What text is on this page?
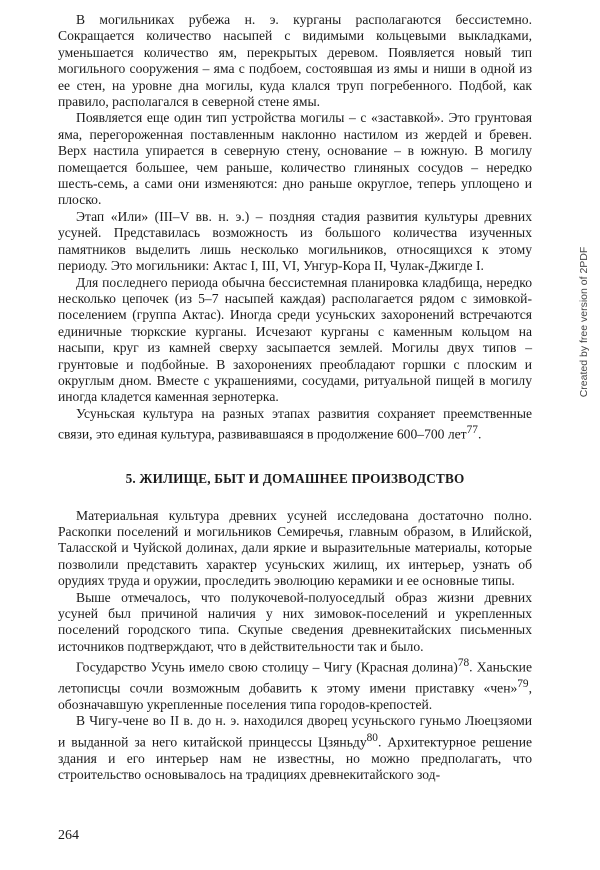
В могильниках рубежа н. э. курганы располагаются бессистемно. Сокращается количество насыпей с видимыми кольцевыми выкладками, уменьшается количество ям, перекрытых деревом. Появляется новый тип могильного сооружения – яма с подбоем, состоявшая из ямы и ниши в одной из ее стен, на уровне дна могилы, куда клался труп погребенного. Подбой, как правило, располагался в северной стене ямы.

Появляется еще один тип устройства могилы – с «заставкой». Это грунтовая яма, перегороженная поставленным наклонно настилом из жердей и бревен. Верх настила упирается в северную стену, основание – в южную. В могилу помещается большее, чем раньше, количество глиняных сосудов – нередко шесть-семь, а сами они изменяются: дно раньше округлое, теперь уплощено и плоско.

Этап «Или» (III–V вв. н. э.) – поздняя стадия развития культуры древних усуней. Представилась возможность из большого количества изученных памятников выделить лишь несколько могильников, относящихся к этому периоду. Это могильники: Актас I, III, VI, Унгур-Кора II, Чулак-Джигде I.

Для последнего периода обычна бессистемная планировка кладбища, нередко несколько цепочек (из 5–7 насыпей каждая) располагается рядом с зимовкой-поселением (группа Актас). Иногда среди усуньских захоронений встречаются единичные тюркские курганы. Исчезают курганы с каменным кольцом на насыпи, круг из камней сверху засыпается землей. Могилы двух типов – грунтовые и подбойные. В захоронениях преобладают горшки с плоским и округлым дном. Вместе с украшениями, сосудами, ритуальной пищей в могилу иногда кладется каменная зернотерка.

Усуньская культура на разных этапах развития сохраняет преемственные связи, это единая культура, развивавшаяся в продолжение 600–700 лет$^{77}$.

5. ЖИЛИЩЕ, БЫТ И ДОМАШНЕЕ ПРОИЗВОДСТВО

Материальная культура древних усуней исследована достаточно полно. Раскопки поселений и могильников Семиречья, главным образом, в Илийской, Таласской и Чуйской долинах, дали яркие и выразительные материалы, которые позволили представить характер усуньских жилищ, их интерьер, узнать об орудиях труда и оружии, проследить эволюцию керамики и ее основные типы.

Выше отмечалось, что полукочевой-полуоседлый образ жизни древних усуней был причиной наличия у них зимовок-поселений и укрепленных поселений городского типа. Скупые сведения древнекитайских письменных источников подтверждают, что в действительности так и было.

Государство Усунь имело свою столицу – Чигу (Красная долина)$^{78}$. Ханьские летописцы сочли возможным добавить к этому имени приставку «чен»$^{79}$, обозначавшую укрепленные поселения типа городов-крепостей.

В Чигу-чене во II в. до н. э. находился дворец усуньского гуньмо Люецзяоми и выданной за него китайской принцессы Цзяньду$^{80}$. Архитектурное решение здания и его интерьер нам не известны, но можно предполагать, что строительство основывалось на традициях древнекитайского зод-

264
Created by free version of 2PDF
